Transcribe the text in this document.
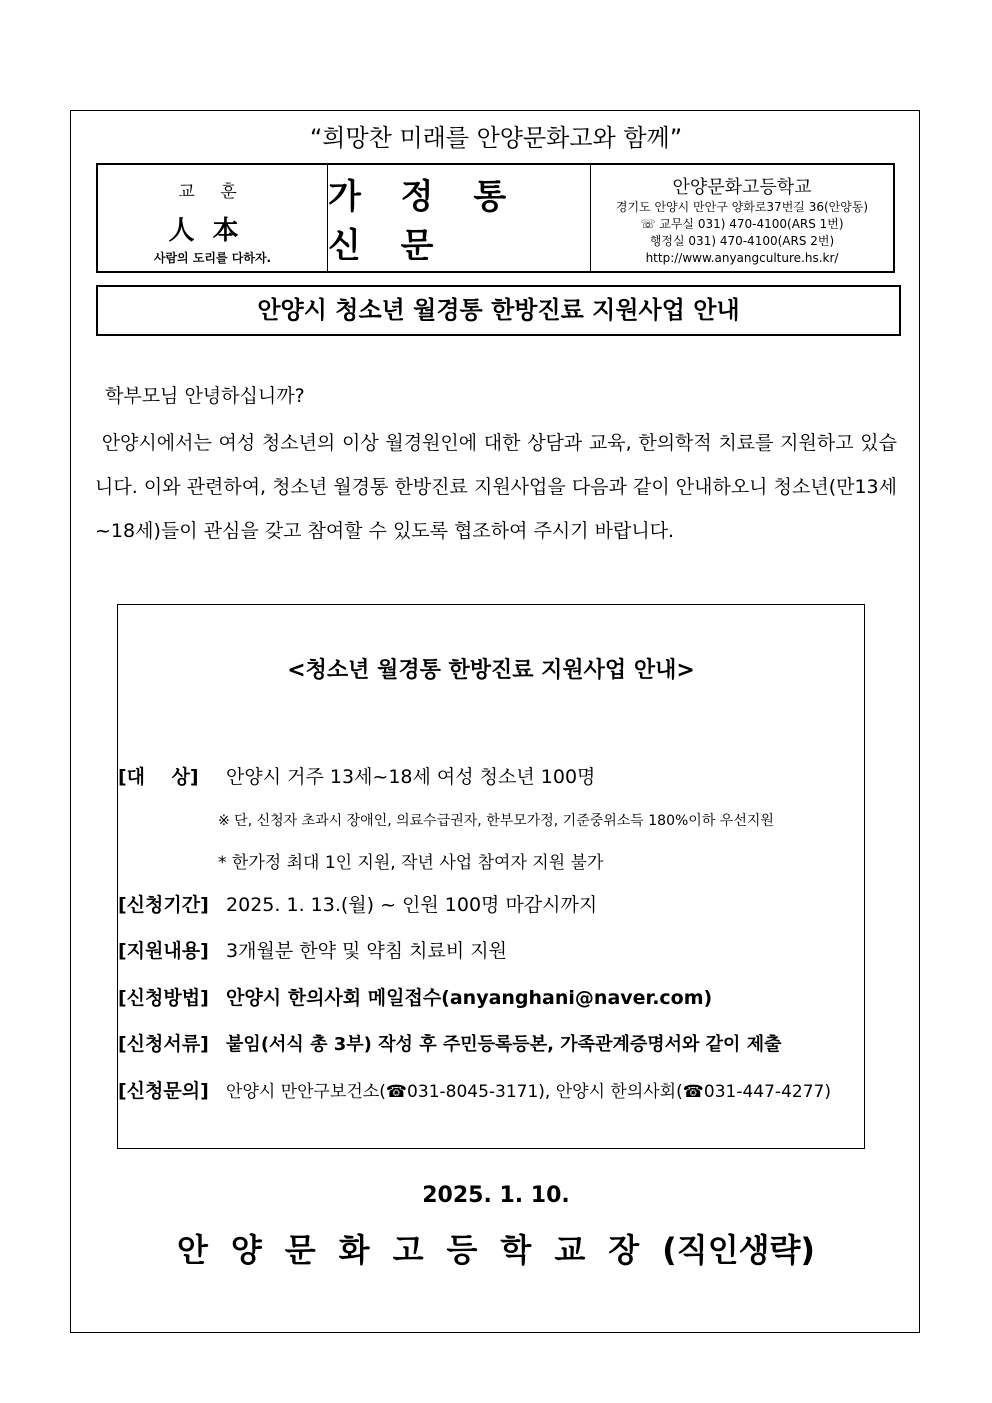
“희망찬 미래를 안양문화고와 함께”
교 훈
人本
사람의 도리를 다하자.
가 정 통 신 문
안양문화고등학교
경기도 안양시 만안구 양화로37번길 36(안양동)
☏ 교무실 031) 470-4100(ARS 1번)
행정실 031) 470-4100(ARS 2번)
http://www.anyangculture.hs.kr/
안양시 청소년 월경통 한방진료 지원사업 안내
학부모님 안녕하십니까?
안양시에서는 여성 청소년의 이상 월경원인에 대한 상담과 교육, 한의학적 치료를 지원하고 있습니다. 이와 관련하여, 청소년 월경통 한방진료 지원사업을 다음과 같이 안내하오니 청소년(만13세~18세)들이 관심을 갖고 참여할 수 있도록 협조하여 주시기 바랍니다.
<청소년 월경통 한방진료 지원사업 안내>
[대    상] 안양시 거주 13세~18세 여성 청소년 100명
※ 단, 신청자 초과시 장애인, 의료수급권자, 한부모가정, 기준중위소득 180%이하 우선지원
* 한가정 최대 1인 지원, 작년 사업 참여자 지원 불가
[신청기간] 2025. 1. 13.(월) ~ 인원 100명 마감시까지
[지원내용] 3개월분 한약 및 약침 치료비 지원
[신청방법] 안양시 한의사회 메일접수(anyanghani@naver.com)
[신청서류] 붙임(서식 총 3부) 작성 후 주민등록등본, 가족관계증명서와 같이 제출
[신청문의] 안양시 만안구보건소(☎031-8045-3171), 안양시 한의사회(☎031-447-4277)
2025. 1. 10.
안양문화고등학교장(직인생략)
